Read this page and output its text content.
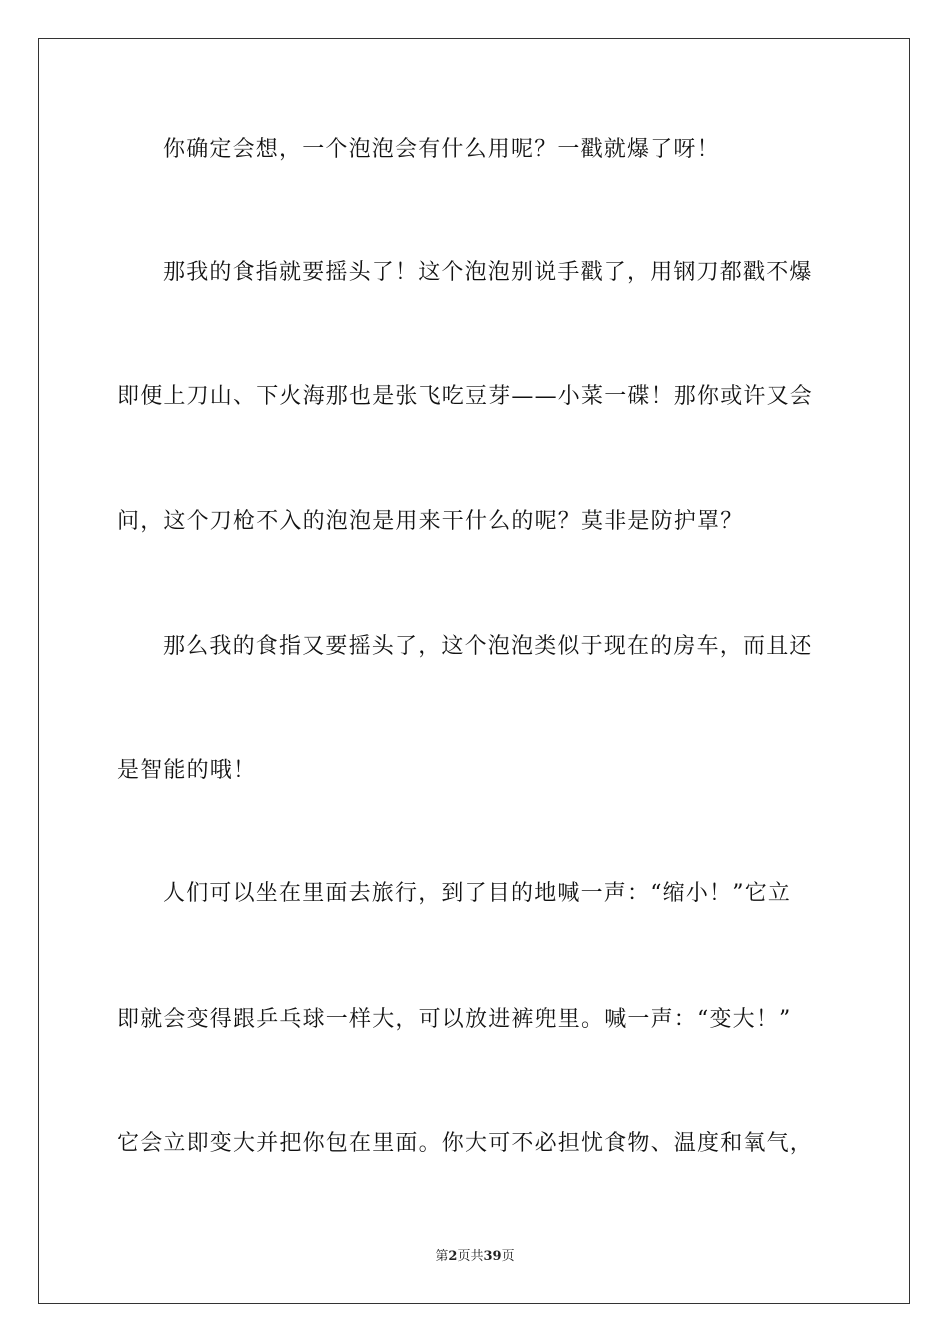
你确定会想，一个泡泡会有什么用呢？一戳就爆了呀！
那我的食指就要摇头了！这个泡泡别说手戳了，用钢刀都戳不爆
即便上刀山、下火海那也是张飞吃豆芽——小菜一碟！那你或许又会
问，这个刀枪不入的泡泡是用来干什么的呢？莫非是防护罩？
那么我的食指又要摇头了，这个泡泡类似于现在的房车，而且还
是智能的哦！
人们可以坐在里面去旅行，到了目的地喊一声：“缩小！”它立
即就会变得跟乒乓球一样大，可以放进裤兜里。喊一声：“变大！”
它会立即变大并把你包在里面。你大可不必担忧食物、温度和氧气，
第2页共39页
